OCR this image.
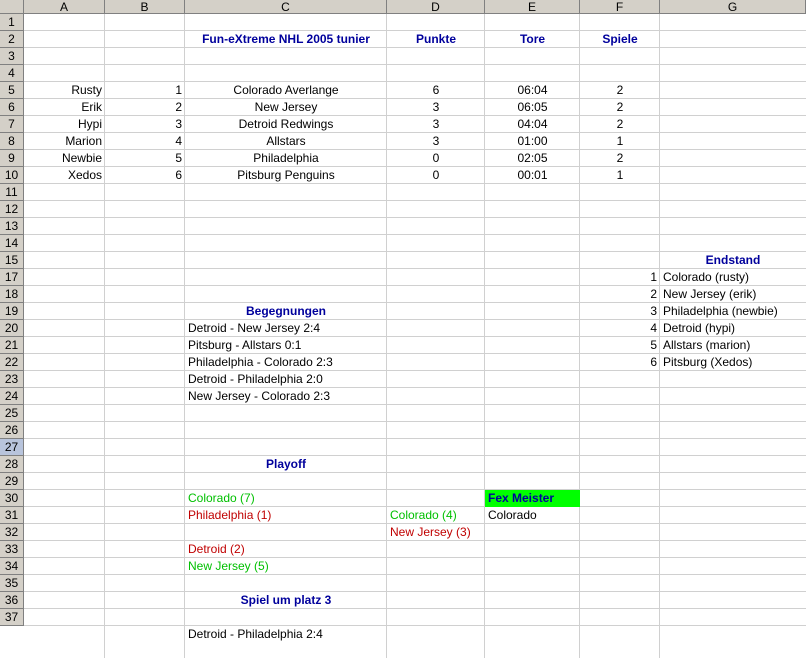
A	B	C	D	E	F	G
1
2
3
4
5
6
7
8
9
10
11
12
13
14
15
17
18
19
20
21
22
23
24
25
26
27
28
29
30
31
32
33
34
35
36
37
Fun-eXtreme NHL 2005 tunier	Punkte	Tore	Spiele
Rusty	1	Colorado Averlange	6	06:04	2
Erik	2	New Jersey	3	06:05	2
Hypi	3	Detroid Redwings	3	04:04	2
Marion	4	Allstars	3	01:00	1
Newbie	5	Philadelphia	0	02:05	2
Xedos	6	Pitsburg Penguins	0	00:01	1
Endstand
1 Colorado (rusty)
2 New Jersey (erik)
3 Philadelphia (newbie)
4 Detroid (hypi)
5 Allstars (marion)
6 Pitsburg (Xedos)
Begegnungen
Detroid - New Jersey 2:4
Pitsburg - Allstars 0:1
Philadelphia - Colorado 2:3
Detroid - Philadelphia 2:0
New Jersey - Colorado 2:3
Playoff
Colorado (7)	Fex Meister
Philadelphia (1)	Colorado (4)	Colorado
New Jersey (3)
Detroid (2)
New Jersey (5)
Spiel um platz 3
Detroid - Philadelphia 2:4
